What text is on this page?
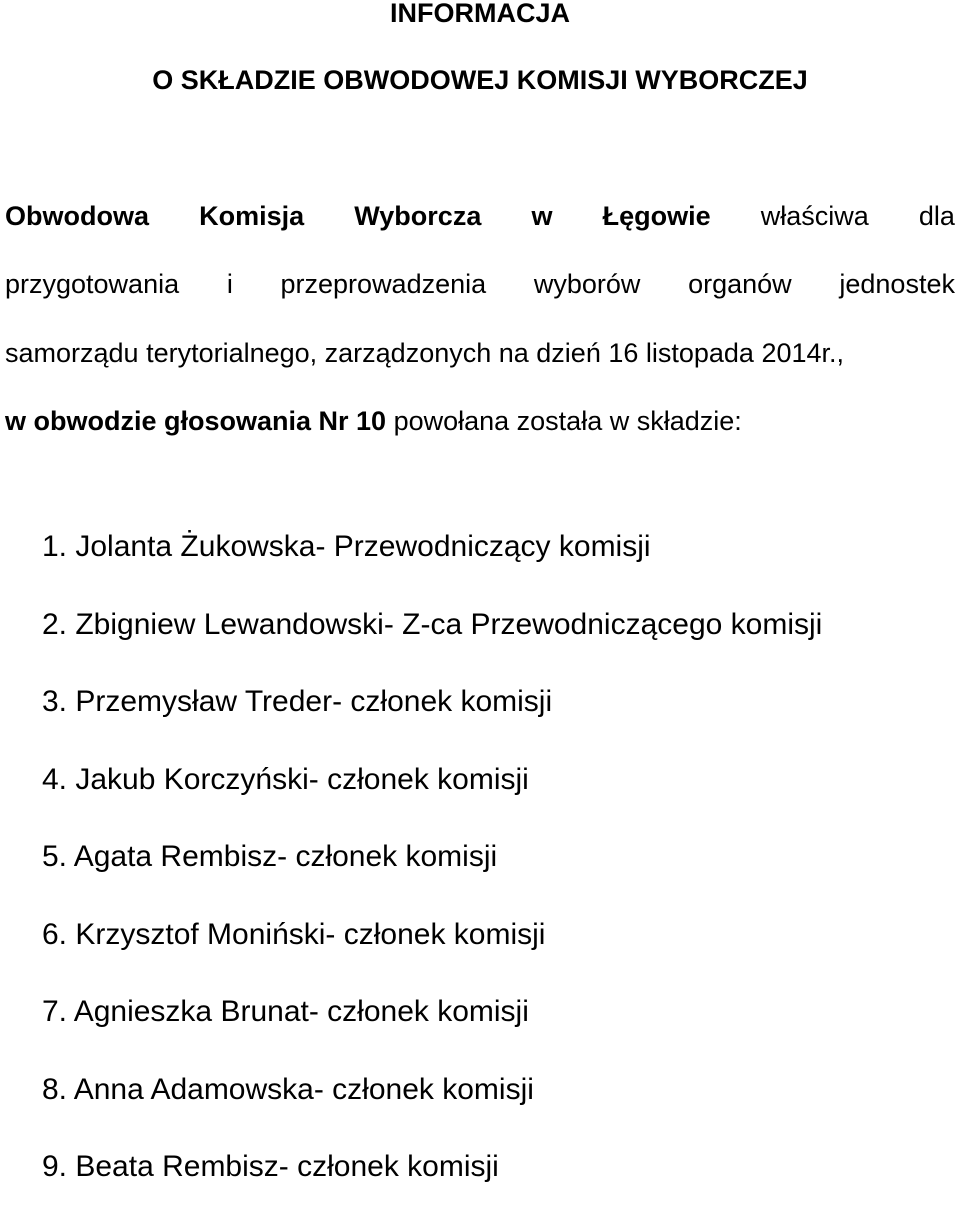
INFORMACJA
O SKŁADZIE OBWODOWEJ KOMISJI WYBORCZEJ
Obwodowa Komisja Wyborcza w Łęgowie właściwa dla
przygotowania i przeprowadzenia wyborów organów jednostek
samorządu terytorialnego, zarządzonych na dzień 16 listopada 2014r.,
w obwodzie głosowania Nr 10 powołana została w składzie:
1. Jolanta Żukowska- Przewodniczący komisji
2. Zbigniew Lewandowski- Z-ca Przewodniczącego komisji
3. Przemysław Treder- członek komisji
4. Jakub Korczyński- członek komisji
5. Agata Rembisz- członek komisji
6. Krzysztof Moniński- członek komisji
7. Agnieszka Brunat- członek komisji
8. Anna Adamowska- członek komisji
9. Beata Rembisz- członek komisji
